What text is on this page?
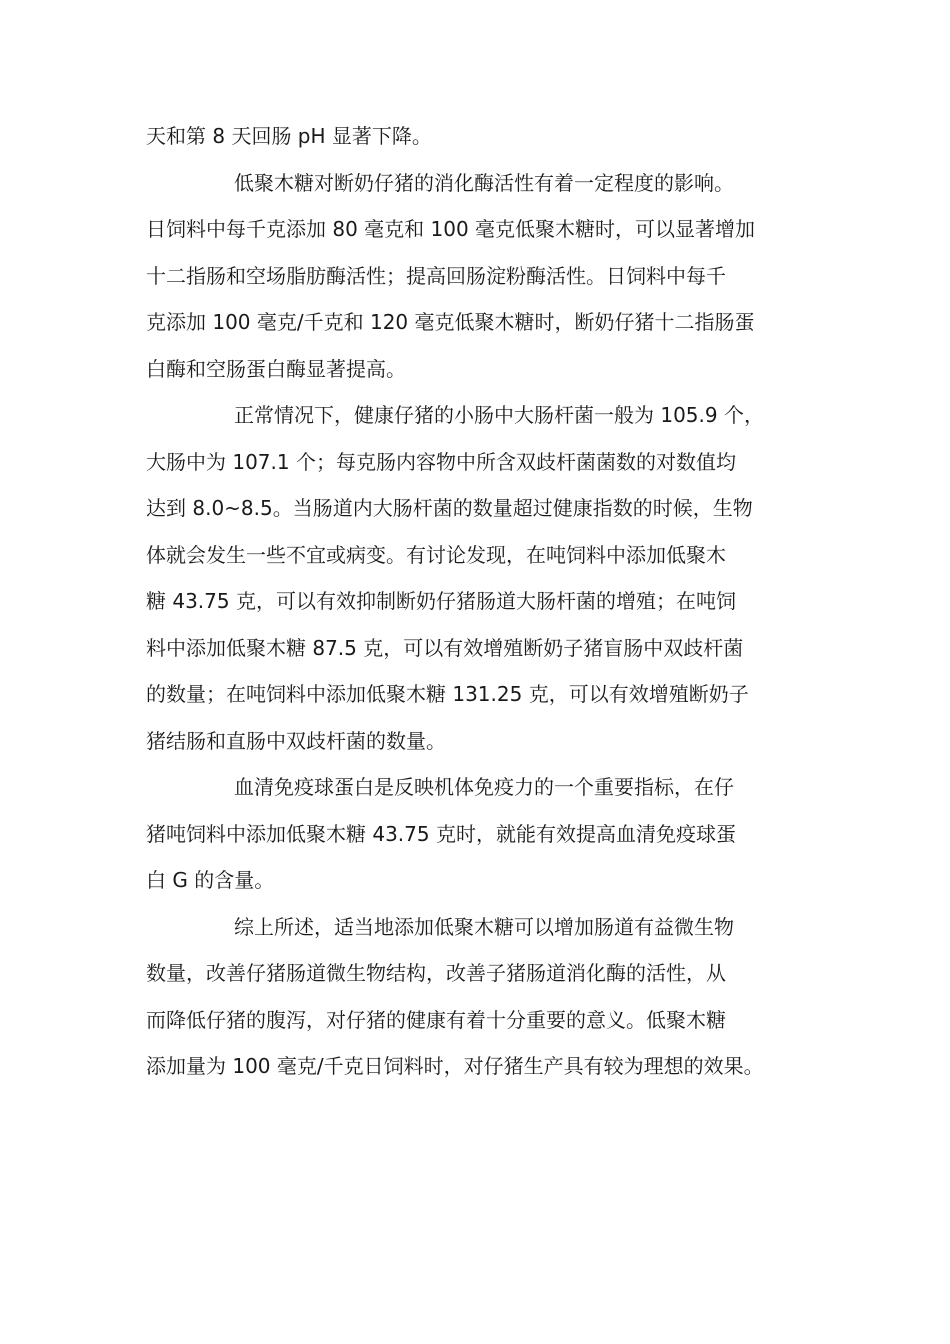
天和第 8 天回肠 pH 显著下降。
低聚木糖对断奶仔猪的消化酶活性有着一定程度的影响。
日饲料中每千克添加 80 毫克和 100 毫克低聚木糖时，可以显著增加
十二指肠和空场脂肪酶活性；提高回肠淀粉酶活性。日饲料中每千
克添加 100 毫克/千克和 120 毫克低聚木糖时，断奶仔猪十二指肠蛋
白酶和空肠蛋白酶显著提高。
正常情况下，健康仔猪的小肠中大肠杆菌一般为 105.9 个，
大肠中为 107.1 个；每克肠内容物中所含双歧杆菌菌数的对数值均
达到 8.0~8.5。当肠道内大肠杆菌的数量超过健康指数的时候，生物
体就会发生一些不宜或病变。有讨论发现，在吨饲料中添加低聚木
糖 43.75 克，可以有效抑制断奶仔猪肠道大肠杆菌的增殖；在吨饲
料中添加低聚木糖 87.5 克，可以有效增殖断奶子猪盲肠中双歧杆菌
的数量；在吨饲料中添加低聚木糖 131.25 克，可以有效增殖断奶子
猪结肠和直肠中双歧杆菌的数量。
血清免疫球蛋白是反映机体免疫力的一个重要指标，在仔
猪吨饲料中添加低聚木糖 43.75 克时，就能有效提高血清免疫球蛋
白 G 的含量。
综上所述，适当地添加低聚木糖可以增加肠道有益微生物
数量，改善仔猪肠道微生物结构，改善子猪肠道消化酶的活性，从
而降低仔猪的腹泻，对仔猪的健康有着十分重要的意义。低聚木糖
添加量为 100 毫克/千克日饲料时，对仔猪生产具有较为理想的效果。
